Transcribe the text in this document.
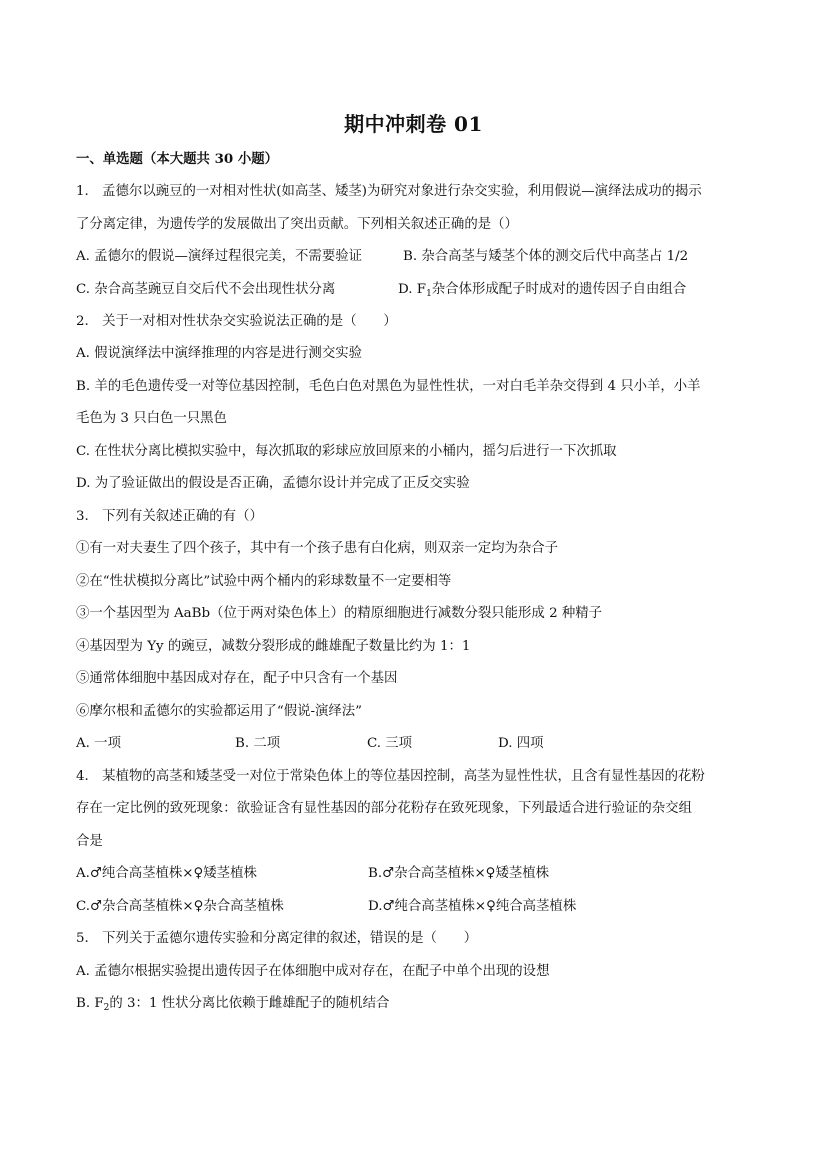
期中冲刺卷 01
一、单选题（本大题共 30 小题）
1.　孟德尔以豌豆的一对相对性状(如高茎、矮茎)为研究对象进行杂交实验，利用假说—演绎法成功的揭示
了分离定律，为遗传学的发展做出了突出贡献。下列相关叙述正确的是（）
A. 孟德尔的假说—演绎过程很完美，不需要验证	B. 杂合高茎与矮茎个体的测交后代中高茎占 1/2
C. 杂合高茎豌豆自交后代不会出现性状分离	D. $F_1$杂合体形成配子时成对的遗传因子自由组合
2.　关于一对相对性状杂交实验说法正确的是（　　）
A. 假说演绎法中演绎推理的内容是进行测交实验
B. 羊的毛色遗传受一对等位基因控制，毛色白色对黑色为显性性状，一对白毛羊杂交得到 4 只小羊，小羊
毛色为 3 只白色一只黑色
C. 在性状分离比模拟实验中，每次抓取的彩球应放回原来的小桶内，摇匀后进行一下次抓取
D. 为了验证做出的假设是否正确，孟德尔设计并完成了正反交实验
3.　下列有关叙述正确的有（）
①有一对夫妻生了四个孩子，其中有一个孩子患有白化病，则双亲一定均为杂合子
②在“性状模拟分离比”试验中两个桶内的彩球数量不一定要相等
③一个基因型为 AaBb（位于两对染色体上）的精原细胞进行减数分裂只能形成 2 种精子
④基因型为 Yy 的豌豆，减数分裂形成的雌雄配子数量比约为 1：1
⑤通常体细胞中基因成对存在，配子中只含有一个基因
⑥摩尔根和孟德尔的实验都运用了“假说-演绎法”
A. 一项	B. 二项	C. 三项	D. 四项
4.　某植物的高茎和矮茎受一对位于常染色体上的等位基因控制，高茎为显性性状，且含有显性基因的花粉
存在一定比例的致死现象：欲验证含有显性基因的部分花粉存在致死现象，下列最适合进行验证的杂交组
合是
A.♂纯合高茎植株×♀矮茎植株	B.♂杂合高茎植株×♀矮茎植株
C.♂杂合高茎植株×♀杂合高茎植株	D.♂纯合高茎植株×♀纯合高茎植株
5.　下列关于孟德尔遗传实验和分离定律的叙述，错误的是（　　）
A. 孟德尔根据实验提出遗传因子在体细胞中成对存在，在配子中单个出现的设想
B. $F_2$的 3：1 性状分离比依赖于雌雄配子的随机结合
